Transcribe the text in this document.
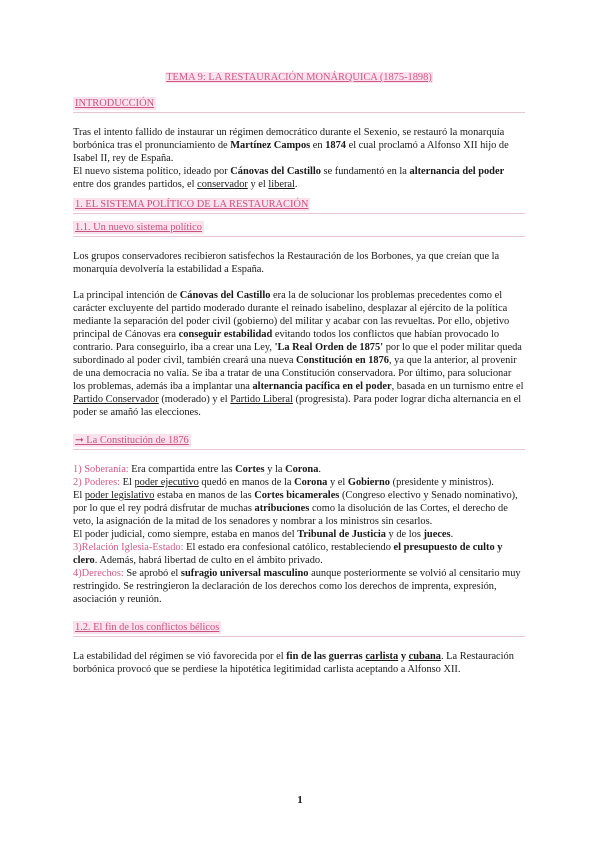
TEMA 9: LA RESTAURACIÓN MONÁRQUICA (1875-1898)
INTRODUCCIÓN

Tras el intento fallido de instaurar un régimen democrático durante el Sexenio, se restauró la monarquía borbónica tras el pronunciamiento de Martínez Campos en 1874 el cual proclamó a Alfonso XII hijo de Isabel II, rey de España.

El nuevo sistema político, ideado por Cánovas del Castillo se fundamentó en la alternancia del poder entre dos grandes partidos, el conservador y el liberal.

1. EL SISTEMA POLÍTICO DE LA RESTAURACIÓN
1.1. Un nuevo sistema político

Los grupos conservadores recibieron satisfechos la Restauración de los Borbones, ya que creían que la monarquía devolvería la estabilidad a España.

La principal intención de Cánovas del Castillo era la de solucionar los problemas precedentes como el carácter excluyente del partido moderado durante el reinado isabelino, desplazar al ejército de la política mediante la separación del poder civil (gobierno) del militar y acabar con las revueltas. Por ello, objetivo principal de Cánovas era conseguir estabilidad evitando todos los conflictos que habían provocado lo contrario. Para conseguirlo, iba a crear una Ley, 'La Real Orden de 1875' por lo que el poder militar queda subordinado al poder civil, también creará una nueva Constitución en 1876, ya que la anterior, al provenir de una democracia no valía. Se iba a tratar de una Constitución conservadora. Por último, para solucionar los problemas, además iba a implantar una alternancia pacífica en el poder, basada en un turnismo entre el Partido Conservador (moderado) y el Partido Liberal (progresista). Para poder lograr dicha alternancia en el poder se amañó las elecciones.

➞ La Constitución de 1876

1) Soberanía: Era compartida entre las Cortes y la Corona.

2) Poderes: El poder ejecutivo quedó en manos de la Corona y el Gobierno (presidente y ministros).

El poder legislativo estaba en manos de las Cortes bicamerales (Congreso electivo y Senado nominativo), por lo que el rey podrá disfrutar de muchas atribuciones como la disolución de las Cortes, el derecho de veto, la asignación de la mitad de los senadores y nombrar a los ministros sin cesarlos.

El poder judicial, como siempre, estaba en manos del Tribunal de Justicia y de los jueces.

3)Relación Iglesia-Estado: El estado era confesional católico, restableciendo el presupuesto de culto y clero. Además, habrá libertad de culto en el ámbito privado.

4)Derechos: Se aprobó el sufragio universal masculino aunque posteriormente se volvió al censitario muy restringido. Se restringieron la declaración de los derechos como los derechos de imprenta, expresión, asociación y reunión.

1.2. El fin de los conflictos bélicos

La estabilidad del régimen se vió favorecida por el fin de las guerras carlista y cubana. La Restauración borbónica provocó que se perdiese la hipotética legitimidad carlista aceptando a Alfonso XII.

1
